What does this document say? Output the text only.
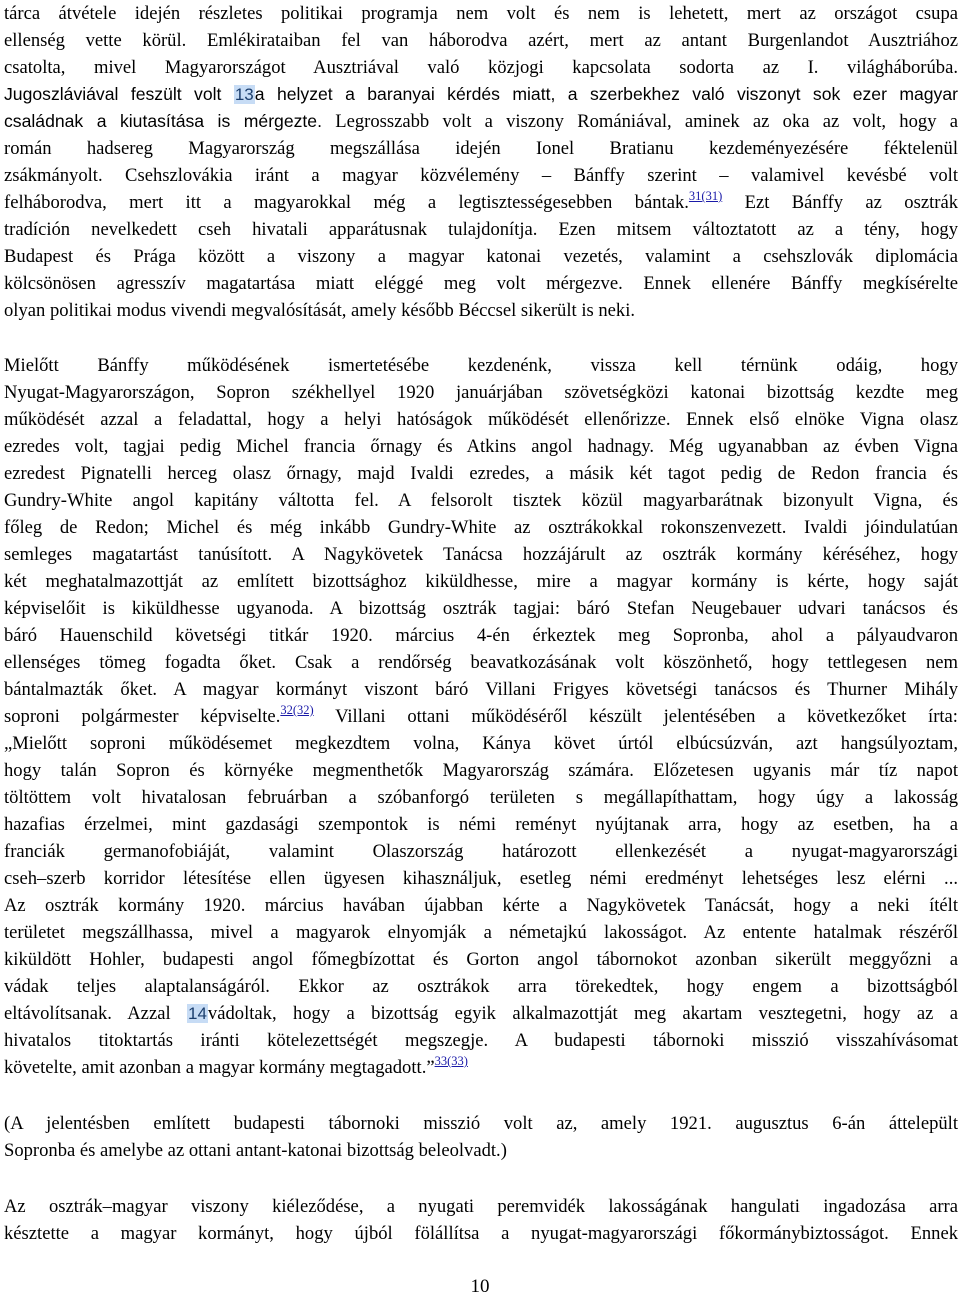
tárca átvétele idején részletes politikai programja nem volt és nem is lehetett, mert az országot csupa
ellenség vette körül. Emlékirataiban fel van háborodva azért, mert az antant Burgenlandot Ausztriához
csatolta, mivel Magyarországot Ausztriával való közjogi kapcsolata sodorta az I. világháborúba.
Jugoszláviával feszült volt 13a helyzet a baranyai kérdés miatt, a szerbekhez való viszonyt sok ezer magyar
családnak a kiutasítása is mérgezte. Legrosszabb volt a viszony Romániával, aminek az oka az volt, hogy a
román hadsereg Magyarország megszállása idején Ionel Bratianu kezdeményezésére féktelenül
zsákmányolt. Csehszlovákia iránt a magyar közvélemény – Bánffy szerint – valamivel kevésbé volt
felháborodva, mert itt a magyarokkal még a legtisztességesebben bántak.$^{31(31)}$ Ezt Bánffy az osztrák
tradíción nevelkedett cseh hivatali apparátusnak tulajdonítja. Ezen mitsem változtatott az a tény, hogy
Budapest és Prága között a viszony a magyar katonai vezetés, valamint a csehszlovák diplomácia
kölcsönösen agresszív magatartása miatt eléggé meg volt mérgezve. Ennek ellenére Bánffy megkísérelte
olyan politikai modus vivendi megvalósítását, amely később Béccsel sikerült is neki.
Mielőtt Bánffy működésének ismertetésébe kezdenénk, vissza kell térnünk odáig, hogy
Nyugat-Magyarországon, Sopron székhellyel 1920 januárjában szövetségközi katonai bizottság kezdte meg
működését azzal a feladattal, hogy a helyi hatóságok működését ellenőrizze. Ennek első elnöke Vigna olasz
ezredes volt, tagjai pedig Michel francia őrnagy és Atkins angol hadnagy. Még ugyanabban az évben Vigna
ezredest Pignatelli herceg olasz őrnagy, majd Ivaldi ezredes, a másik két tagot pedig de Redon francia és
Gundry-White angol kapitány váltotta fel. A felsorolt tisztek közül magyarbarátnak bizonyult Vigna, és
főleg de Redon; Michel és még inkább Gundry-White az osztrákokkal rokonszenvezett. Ivaldi jóindulatúan
semleges magatartást tanúsított. A Nagykövetek Tanácsa hozzájárult az osztrák kormány kéréséhez, hogy
két meghatalmazottját az említett bizottsághoz kiküldhesse, mire a magyar kormány is kérte, hogy saját
képviselőit is kiküldhesse ugyanoda. A bizottság osztrák tagjai: báró Stefan Neugebauer udvari tanácsos és
báró Hauenschild követségi titkár 1920. március 4-én érkeztek meg Sopronba, ahol a pályaudvaron
ellenséges tömeg fogadta őket. Csak a rendőrség beavatkozásának volt köszönhető, hogy tettlegesen nem
bántalmazták őket. A magyar kormányt viszont báró Villani Frigyes követségi tanácsos és Thurner Mihály
soproni polgármester képviselte.$^{32(32)}$ Villani ottani működéséről készült jelentésében a következőket írta:
„Mielőtt soproni működésemet megkezdtem volna, Kánya követ úrtól elbúcsúzván, azt hangsúlyoztam,
hogy talán Sopron és környéke megmenthetők Magyarország számára. Előzetesen ugyanis már tíz napot
töltöttem volt hivatalosan februárban a szóbanforgó területen s megállapíthattam, hogy úgy a lakosság
hazafias érzelmei, mint gazdasági szempontok is némi reményt nyújtanak arra, hogy az esetben, ha a
franciák germanofobiáját, valamint Olaszország határozott ellenkezését a nyugat-magyarországi
cseh–szerb korridor létesítése ellen ügyesen kihasználjuk, esetleg némi eredményt lehetséges lesz elérni ...
Az osztrák kormány 1920. március havában újabban kérte a Nagykövetek Tanácsát, hogy a neki ítélt
területet megszállhassa, mivel a magyarok elnyomják a németajkú lakosságot. Az entente hatalmak részéről
kiküldött Hohler, budapesti angol főmegbízottat és Gorton angol tábornokot azonban sikerült meggyőzni a
vádak teljes alaptalanságáról. Ekkor az osztrákok arra törekedtek, hogy engem a bizottságból
eltávolítsanak. Azzal 14vádoltak, hogy a bizottság egyik alkalmazottját meg akartam vesztegetni, hogy az a
hivatalos titoktartás iránti kötelezettségét megszegje. A budapesti tábornoki misszió visszahívásomat
követelte, amit azonban a magyar kormány megtagadott.”$^{33(33)}$
(A jelentésben említett budapesti tábornoki misszió volt az, amely 1921. augusztus 6-án áttelepült
Sopronba és amelybe az ottani antant-katonai bizottság beleolvadt.)
Az osztrák–magyar viszony kiéleződése, a nyugati peremvidék lakosságának hangulati ingadozása arra
késztette a magyar kormányt, hogy újból fölállítsa a nyugat-magyarországi főkormánybiztosságot. Ennek
10
